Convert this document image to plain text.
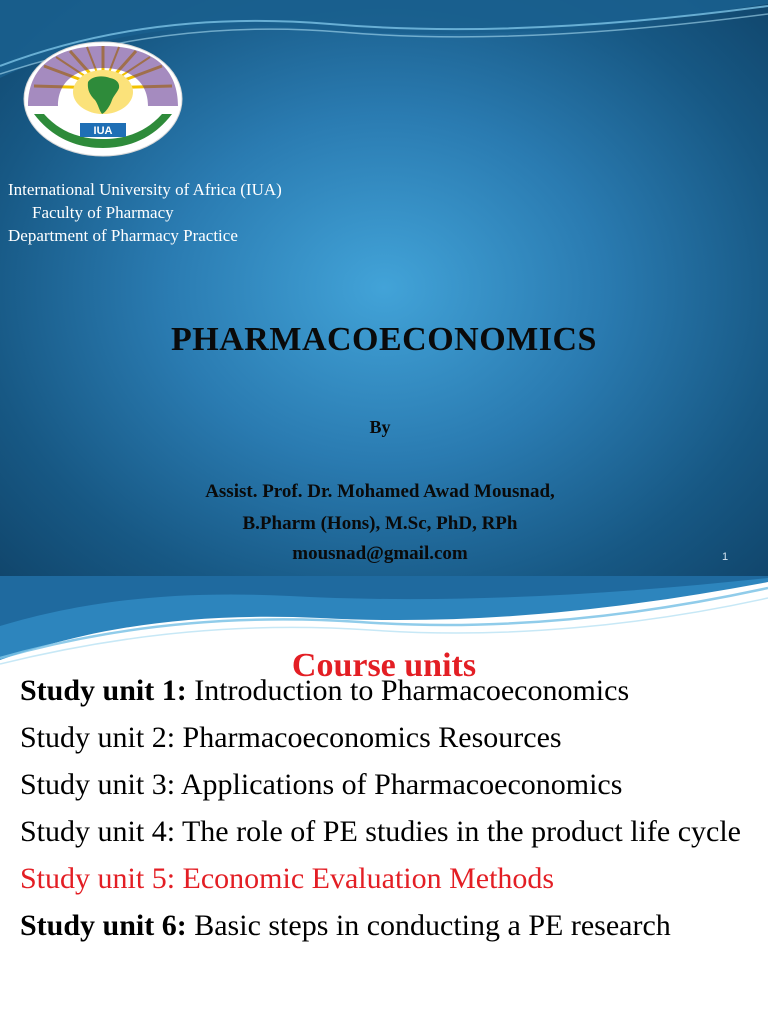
IUA
International University of Africa (IUA)
Faculty of Pharmacy
Department of Pharmacy Practice
PHARMACOECONOMICS
By
Assist. Prof. Dr. Mohamed Awad Mousnad,
B.Pharm (Hons), M.Sc, PhD, RPh
mousnad@gmail.com	1
Course units

Study unit 1: Introduction to Pharmacoeconomics

Study unit 2: Pharmacoeconomics Resources

Study unit 3: Applications of Pharmacoeconomics

Study unit 4: The role of PE studies in the product life cycle

Study unit 5: Economic Evaluation Methods

Study unit 6: Basic steps in conducting a PE research
